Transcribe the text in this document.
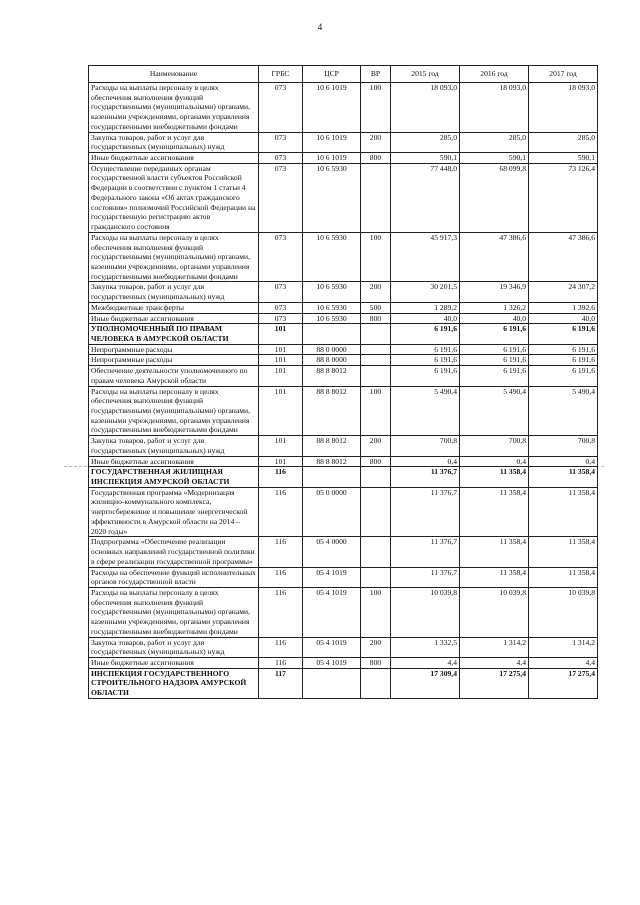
4
Наименование	ГРБС	ЦСР	ВР	2015 год	2016 год	2017 год
Расходы на выплаты персоналу в целях обеспечения выполнения функций государственными (муниципальными) органами, казенными учреждениями, органами управления государственными внебюджетными фондами	073	10 6 1019	100	18 093,0	18 093,0	18 093,0
Закупка товаров, работ и услуг для государственных (муниципальных) нужд	073	10 6 1019	200	285,0	285,0	285,0
Иные бюджетные ассигнования	073	10 6 1019	800	590,1	590,1	590,1
Осуществление переданных органам государственной власти субъектов Российской Федерации в соответствии с пунктом 1 статьи 4 Федерального закона «Об актах гражданского состояния» полномочий Российской Федерации на государственную регистрацию актов гражданского состояния	073	10 6 5930		77 448,0	68 099,8	73 126,4
Расходы на выплаты персоналу в целях обеспечения выполнения функций государственными (муниципальными) органами, казенными учреждениями, органами управления государственными внебюджетными фондами	073	10 6 5930	100	45 917,3	47 386,6	47 386,6
Закупка товаров, работ и услуг для государственных (муниципальных) нужд	073	10 6 5930	200	30 201,5	19 346,9	24 307,2
Межбюджетные трансферты	073	10 6 5930	500	1 289,2	1 326,2	1 392,6
Иные бюджетные ассигнования	073	10 6 5930	800	40,0	40,0	40,0
УПОЛНОМОЧЕННЫЙ ПО ПРАВАМ ЧЕЛОВЕКА В АМУРСКОЙ ОБЛАСТИ	101			6 191,6	6 191,6	6 191,6
Непрограммные расходы	101	88 0 0000		6 191,6	6 191,6	6 191,6
Непрограммные расходы	101	88 8 0000		6 191,6	6 191,6	6 191,6
Обеспечение деятельности уполномоченного по правам человека Амурской области	101	88 8 8012		6 191,6	6 191,6	6 191,6
Расходы на выплаты персоналу в целях обеспечения выполнения функций государственными (муниципальными) органами, казенными учреждениями, органами управления государственными внебюджетными фондами	101	88 8 8012	100	5 490,4	5 490,4	5 490,4
Закупка товаров, работ и услуг для государственных (муниципальных) нужд	101	88 8 8012	200	700,8	700,8	700,8
Иные бюджетные ассигнования	101	88 8 8012	800	0,4	0,4	0,4
ГОСУДАРСТВЕННАЯ ЖИЛИЩНАЯ ИНСПЕКЦИЯ АМУРСКОЙ ОБЛАСТИ	116			11 376,7	11 358,4	11 358,4
Государственная программа «Модернизация жилищно-коммунального комплекса, энергосбережение и повышение энергетической эффективности в Амурской области на 2014 – 2020 годы»	116	05 0 0000		11 376,7	11 358,4	11 358,4
Подпрограмма «Обеспечение реализации основных направлений государственной политики в сфере реализации государственной программы»	116	05 4 0000		11 376,7	11 358,4	11 358,4
Расходы на обеспечение функций исполнительных органов государственной власти	116	05 4 1019		11 376,7	11 358,4	11 358,4
Расходы на выплаты персоналу в целях обеспечения выполнения функций государственными (муниципальными) органами, казенными учреждениями, органами управления государственными внебюджетными фондами	116	05 4 1019	100	10 039,8	10 039,8	10 039,8
Закупка товаров, работ и услуг для государственных (муниципальных) нужд	116	05 4 1019	200	1 332,5	1 314,2	1 314,2
Иные бюджетные ассигнования	116	05 4 1019	800	4,4	4,4	4,4
ИНСПЕКЦИЯ ГОСУДАРСТВЕННОГО СТРОИТЕЛЬНОГО НАДЗОРА АМУРСКОЙ ОБЛАСТИ	117			17 309,4	17 275,4	17 275,4
